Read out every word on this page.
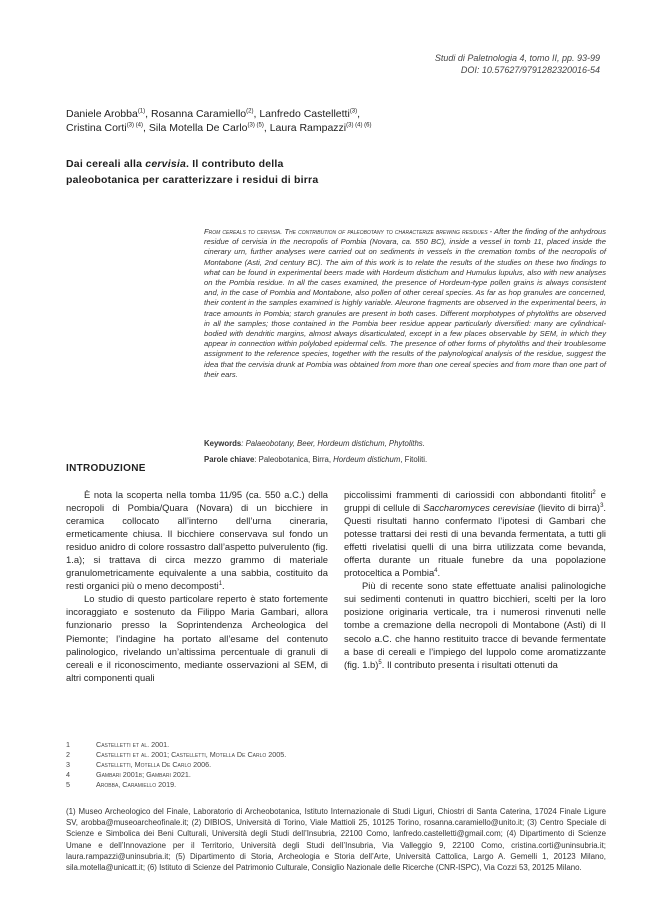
Studi di Paletnologia 4, tomo II, pp. 93-99
DOI: 10.57627/9791282320016-54
Daniele Arobba$^{(1)}$, Rosanna Caramiello$^{(2)}$, Lanfredo Castelletti$^{(3)}$,
Cristina Corti$^{(3) (4)}$, Sila Motella De Carlo$^{(3) (5)}$, Laura Rampazzi$^{(3) (4) (6)}$
Dai cereali alla cervisia. Il contributo della
paleobotanica per caratterizzare i residui di birra
From cereals to cervisia. The contribution of paleobotany to characterize brewing residues - After the finding of the anhydrous residue of cervisia in the necropolis of Pombia (Novara, ca. 550 BC), inside a vessel in tomb 11, placed inside the cinerary urn, further analyses were carried out on sediments in vessels in the cremation tombs of the necropolis of Montabone (Asti, 2nd century BC). The aim of this work is to relate the results of the studies on these two findings to what can be found in experimental beers made with Hordeum distichum and Humulus lupulus, also with new analyses on the Pombia residue. In all the cases examined, the presence of Hordeum-type pollen grains is always consistent and, in the case of Pombia and Montabone, also pollen of other cereal species. As far as hop granules are concerned, their content in the samples examined is highly variable. Aleurone fragments are observed in the experimental beers, in trace amounts in Pombia; starch granules are present in both cases. Different morphotypes of phytoliths are observed in all the samples; those contained in the Pombia beer residue appear particularly diversified: many are cylindrical-bodied with dendritic margins, almost always disarticulated, except in a few places observable by SEM, in which they appear in connection within polylobed epidermal cells. The presence of other forms of phytoliths and their troublesome assignment to the reference species, together with the results of the palynological analysis of the residue, suggest the idea that the cervisia drunk at Pombia was obtained from more than one cereal species and from more than one part of their ears.
Keywords: Palaeobotany, Beer, Hordeum distichum, Phytoliths.
Parole chiave: Paleobotanica, Birra, Hordeum distichum, Fitoliti.
INTRODUZIONE

È nota la scoperta nella tomba 11/95 (ca. 550 a.C.) della necropoli di Pombia/Quara (Novara) di un bicchiere in ceramica collocato all’interno dell’urna cineraria, ermeticamente chiusa. Il bicchiere conservava sul fondo un residuo anidro di colore rossastro dall’aspetto pulverulento (fig. 1.a); si trattava di circa mezzo grammo di materiale granulometricamente equivalente a una sabbia, costituito da resti organici più o meno decomposti$^1$.

Lo studio di questo particolare reperto è stato fortemente incoraggiato e sostenuto da Filippo Maria Gambari, allora funzionario presso la Soprintendenza Archeologica del Piemonte; l’indagine ha portato all’esame del contenuto palinologico, rivelando un’altissima percentuale di granuli di cereali e il riconoscimento, mediante osservazioni al SEM, di altri componenti quali

piccolissimi frammenti di cariossidi con abbondanti fitoliti$^2$ e gruppi di cellule di Saccharomyces cerevisiae (lievito di birra)$^3$. Questi risultati hanno confermato l’ipotesi di Gambari che potesse trattarsi dei resti di una bevanda fermentata, a tutti gli effetti rivelatisi quelli di una birra utilizzata come bevanda, offerta durante un rituale funebre da una popolazione protoceltica a Pombia$^4$.

Più di recente sono state effettuate analisi palinologiche sui sedimenti contenuti in quattro bicchieri, scelti per la loro posizione originaria verticale, tra i numerosi rinvenuti nelle tombe a cremazione della necropoli di Montabone (Asti) di II secolo a.C. che hanno restituito tracce di bevande fermentate a base di cereali e l’impiego del luppolo come aromatizzante (fig. 1.b)$^5$. Il contributo presenta i risultati ottenuti da

1	Castelletti et al. 2001.
2	Castelletti et al. 2001; Castelletti, Motella De Carlo 2005.
3	Castelletti, Motella De Carlo 2006.
4	Gambari 2001b; Gambari 2021.
5	Arobba, Caramiello 2019.
(1) Museo Archeologico del Finale, Laboratorio di Archeobotanica, Istituto Internazionale di Studi Liguri, Chiostri di Santa Caterina, 17024 Finale Ligure SV, arobba@museoarcheofinale.it; (2) DIBIOS, Università di Torino, Viale Mattioli 25, 10125 Torino, rosanna.caramiello@unito.it; (3) Centro Speciale di Scienze e Simbolica dei Beni Culturali, Università degli Studi dell’Insubria, 22100 Como, lanfredo.castelletti@gmail.com; (4) Dipartimento di Scienze Umane e dell’Innovazione per il Territorio, Università degli Studi dell’Insubria, Via Valleggio 9, 22100 Como, cristina.corti@uninsubria.it; laura.rampazzi@uninsubria.it; (5) Dipartimento di Storia, Archeologia e Storia dell’Arte, Università Cattolica, Largo A. Gemelli 1, 20123 Milano, sila.motella@unicatt.it; (6) Istituto di Scienze del Patrimonio Culturale, Consiglio Nazionale delle Ricerche (CNR-ISPC), Via Cozzi 53, 20125 Milano.
